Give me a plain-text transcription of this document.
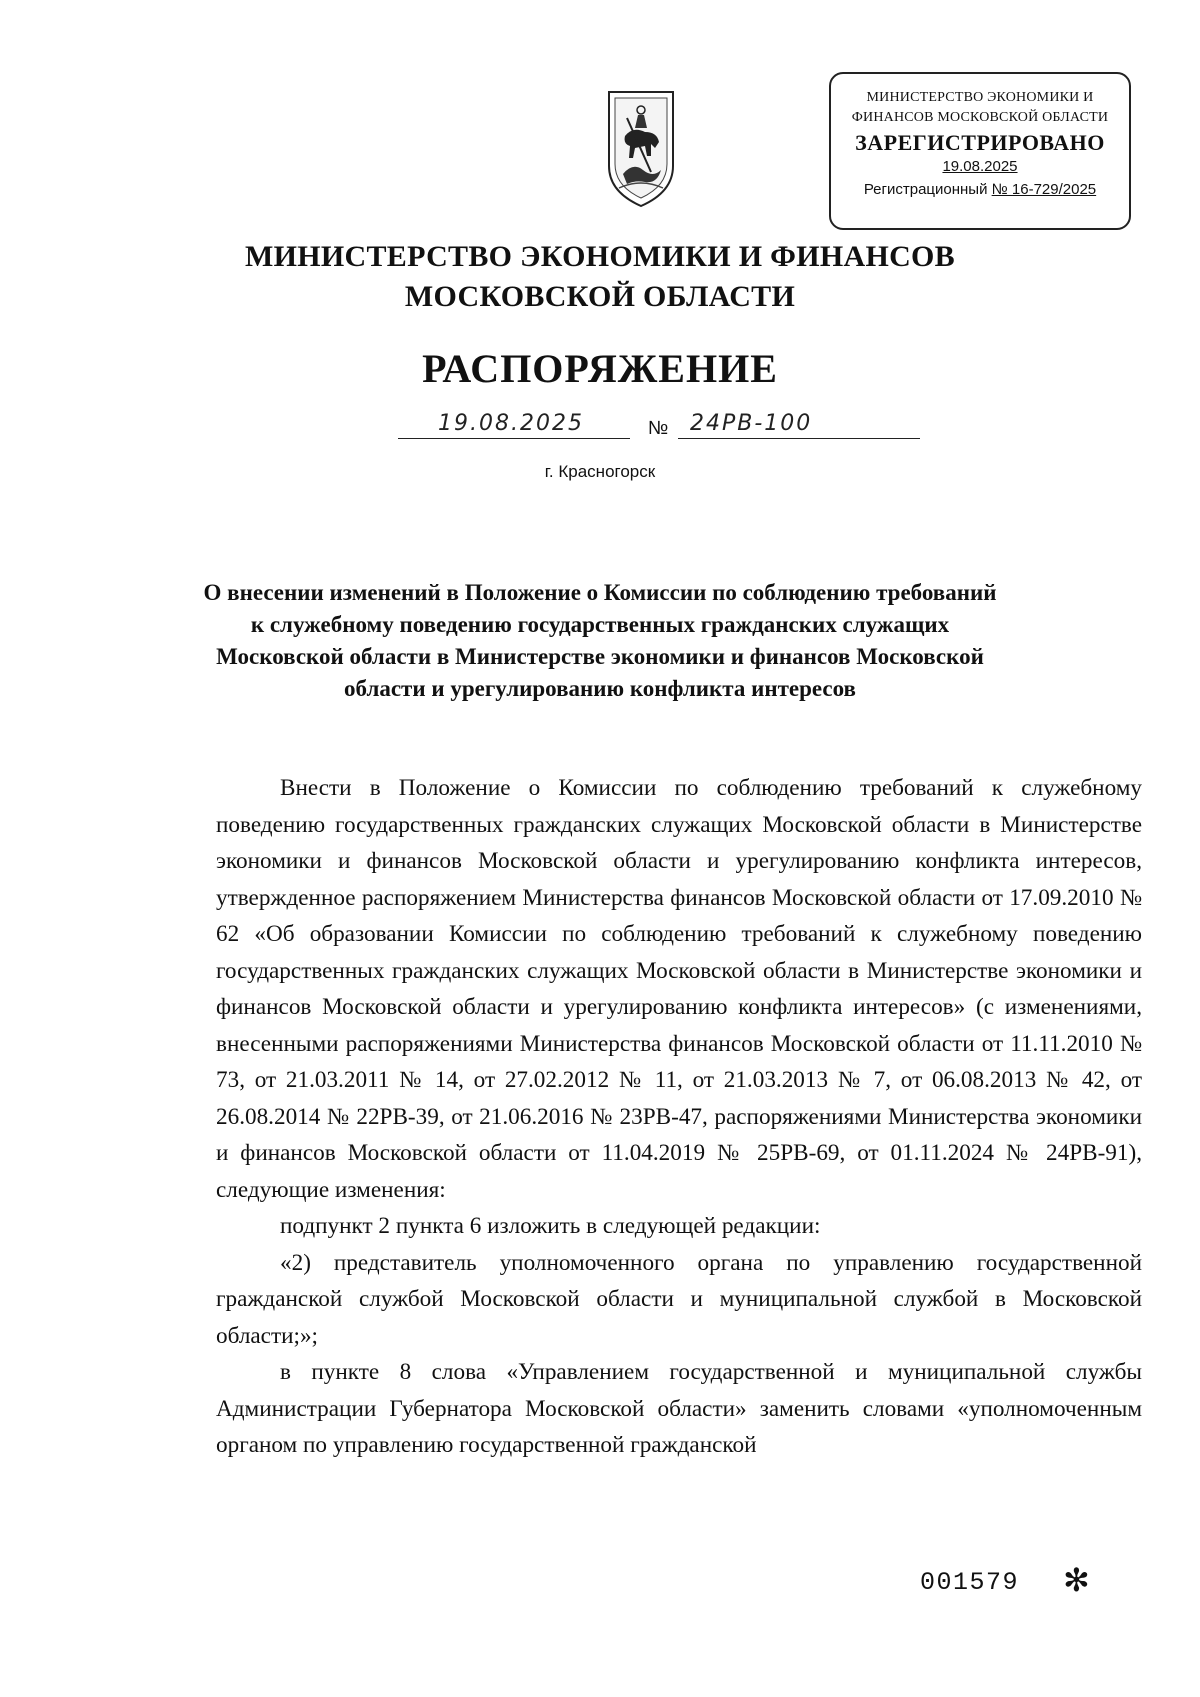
МИНИСТЕРСТВО ЭКОНОМИКИ И
ФИНАНСОВ МОСКОВСКОЙ ОБЛАСТИ
ЗАРЕГИСТРИРОВАНО
19.08.2025
Регистрационный № 16-729/2025
МИНИСТЕРСТВО ЭКОНОМИКИ И ФИНАНСОВ
МОСКОВСКОЙ ОБЛАСТИ
РАСПОРЯЖЕНИЕ
19.08.2025	№ 24РВ-100
г. Красногорск
О внесении изменений в Положение о Комиссии по соблюдению требований к служебному поведению государственных гражданских служащих Московской области в Министерстве экономики и финансов Московской области и урегулированию конфликта интересов

Внести в Положение о Комиссии по соблюдению требований к служебному поведению государственных гражданских служащих Московской области в Министерстве экономики и финансов Московской области и урегулированию конфликта интересов, утвержденное распоряжением Министерства финансов Московской области от 17.09.2010 № 62 «Об образовании Комиссии по соблюдению требований к служебному поведению государственных гражданских служащих Московской области в Министерстве экономики и финансов Московской области и урегулированию конфликта интересов» (с изменениями, внесенными распоряжениями Министерства финансов Московской области от 11.11.2010 № 73, от 21.03.2011 № 14, от 27.02.2012 № 11, от 21.03.2013 № 7, от 06.08.2013 № 42, от 26.08.2014 № 22РВ-39, от 21.06.2016 № 23РВ-47, распоряжениями Министерства экономики и финансов Московской области от 11.04.2019 № 25РВ-69, от 01.11.2024 № 24РВ-91), следующие изменения:

подпункт 2 пункта 6 изложить в следующей редакции:

«2) представитель уполномоченного органа по управлению государственной гражданской службой Московской области и муниципальной службой в Московской области;»;

в пункте 8 слова «Управлением государственной и муниципальной службы Администрации Губернатора Московской области» заменить словами «уполномоченным органом по управлению государственной гражданской

001579 ✻
